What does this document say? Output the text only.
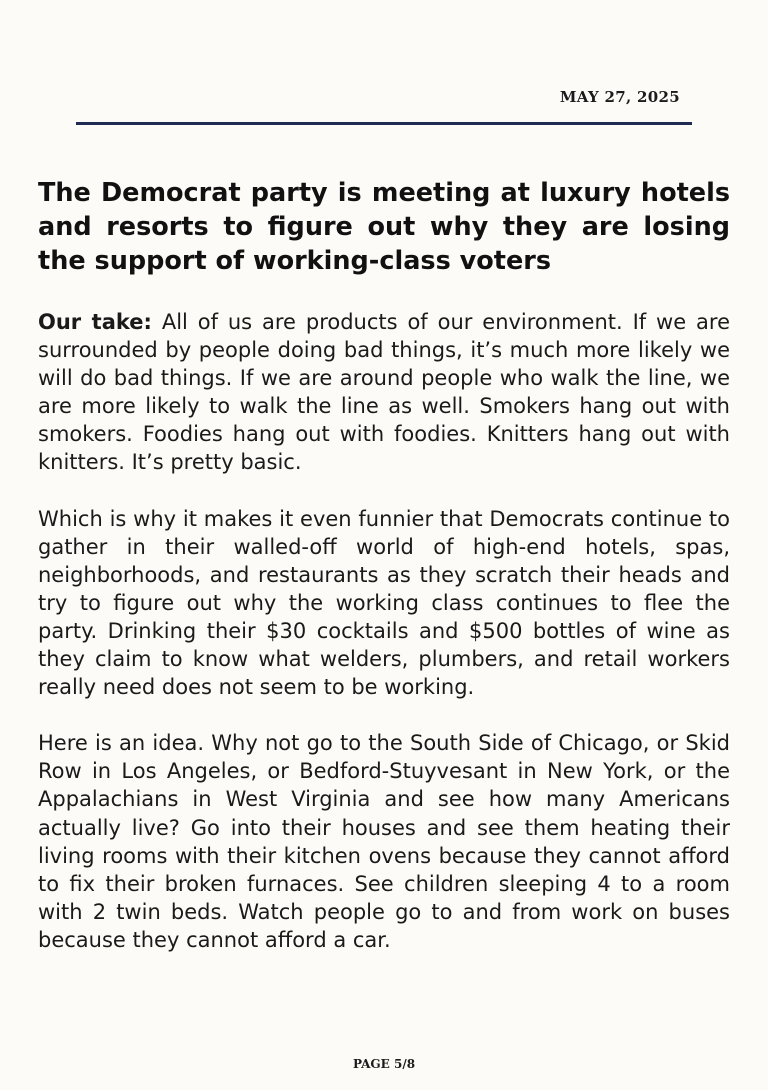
MAY 27, 2025
The Democrat party is meeting at luxury hotels and resorts to figure out why they are losing the support of working-class voters

Our take: All of us are products of our environment. If we are surrounded by people doing bad things, it’s much more likely we will do bad things. If we are around people who walk the line, we are more likely to walk the line as well. Smokers hang out with smokers. Foodies hang out with foodies. Knitters hang out with knitters. It’s pretty basic.

Which is why it makes it even funnier that Democrats continue to gather in their walled-off world of high-end hotels, spas, neighborhoods, and restaurants as they scratch their heads and try to figure out why the working class continues to flee the party. Drinking their $30 cocktails and $500 bottles of wine as they claim to know what welders, plumbers, and retail workers really need does not seem to be working.

Here is an idea. Why not go to the South Side of Chicago, or Skid Row in Los Angeles, or Bedford-Stuyvesant in New York, or the Appalachians in West Virginia and see how many Americans actually live? Go into their houses and see them heating their living rooms with their kitchen ovens because they cannot afford to fix their broken furnaces. See children sleeping 4 to a room with 2 twin beds. Watch people go to and from work on buses because they cannot afford a car.

PAGE 5/8
